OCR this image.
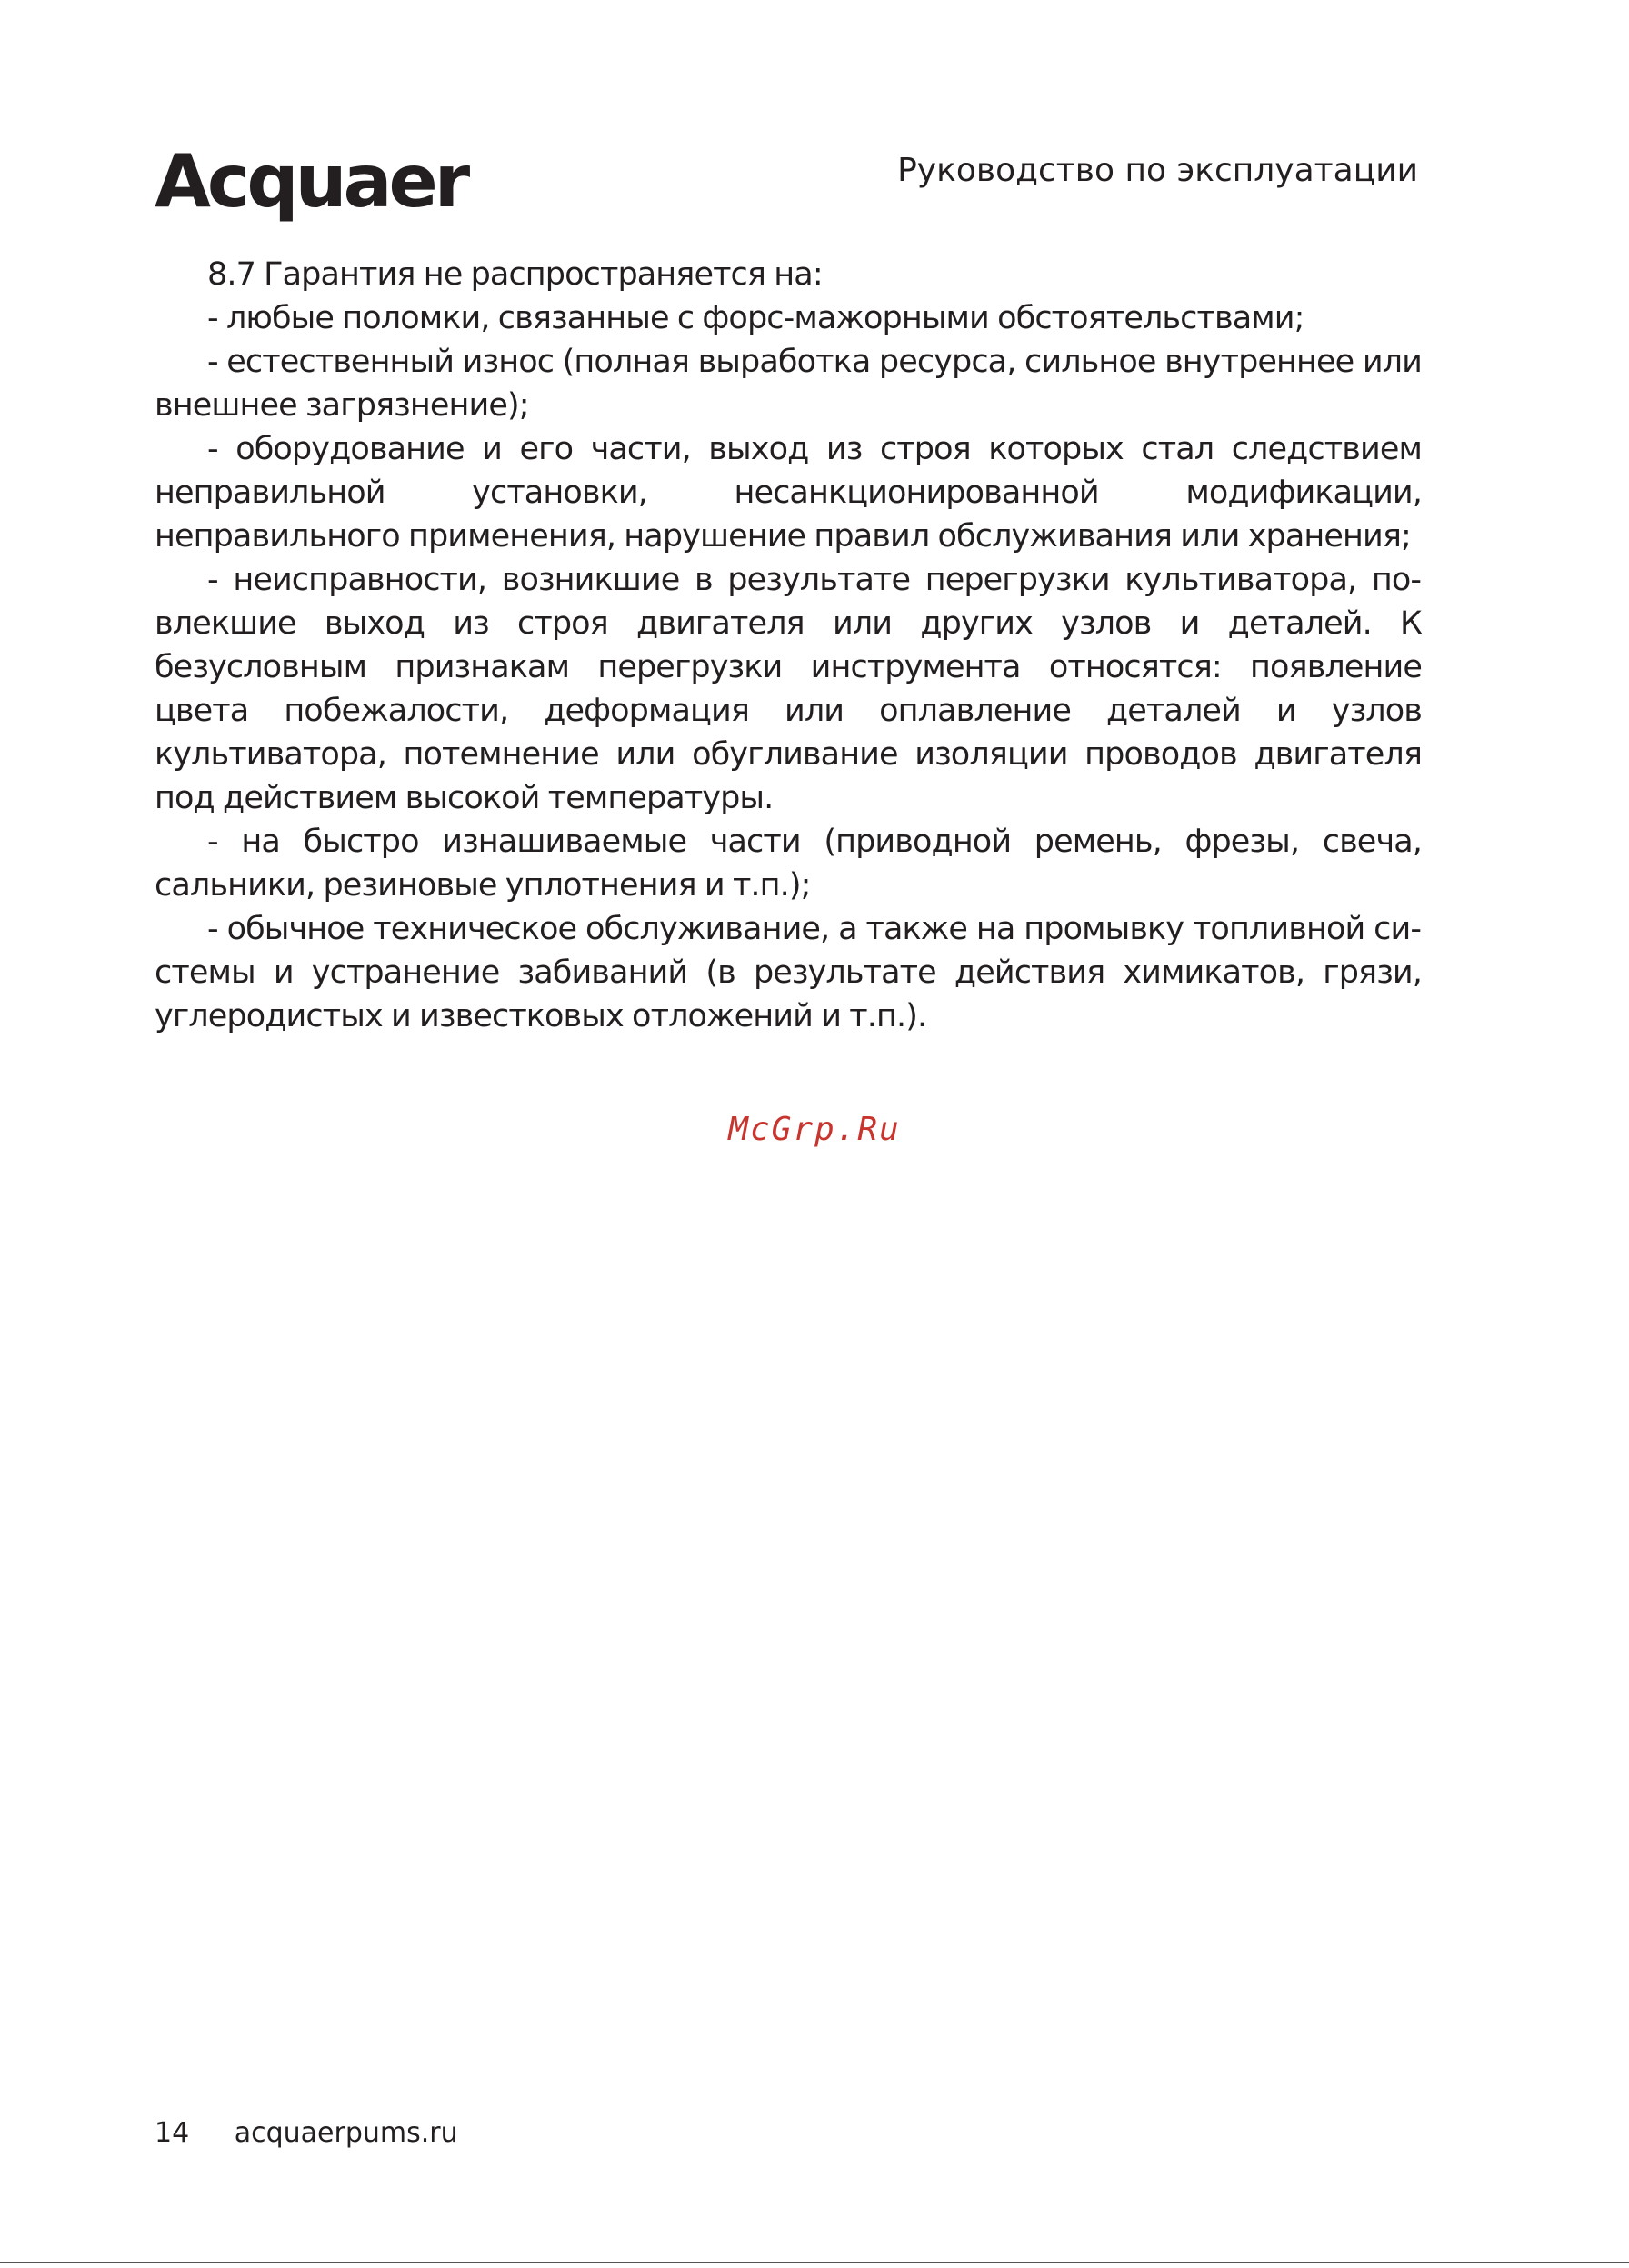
Acquaer	Руководство по эксплуатации

8.7 Гарантия не распространяется на:

- любые поломки, связанные с форс-мажорными обстоятельствами;

- естественный износ (полная выработка ресурса, сильное внутреннее или внешнее загрязнение);

- оборудование и его части, выход из строя которых стал следствием неправильной установки, несанкционированной модификации, неправильного применения, нарушение правил обслуживания или хранения;

- неисправности, возникшие в результате перегрузки культиватора, повлекшие выход из строя двигателя или других узлов и деталей. К безусловным признакам перегрузки инструмента относятся: появление цвета побежалости, деформация или оплавление деталей и узлов культиватора, потемнение или обугливание изоляции проводов двигателя под действием высокой температуры.

- на быстро изнашиваемые части (приводной ремень, фрезы, свеча, сальники, резиновые уплотнения и т.п.);

- обычное техническое обслуживание, а также на промывку топливной системы и устранение забиваний (в результате действия химикатов, грязи, углеродистых и известковых отложений и т.п.).

McGrp.Ru
14 acquaerpums.ru
